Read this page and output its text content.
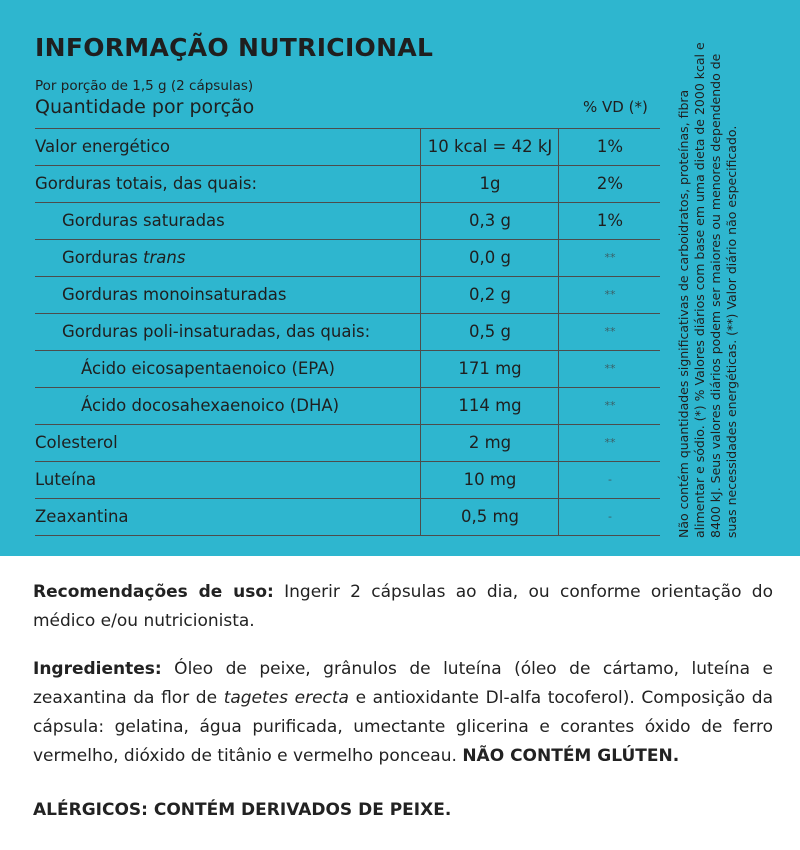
INFORMAÇÃO NUTRICIONAL
Por porção de 1,5 g (2 cápsulas)
Quantidade por porção	% VD (*)
Valor energético	10 kcal = 42 kJ	1%
Gorduras totais, das quais:	1g	2%
Gorduras saturadas	0,3 g	1%
Gorduras trans	0,0 g	**
Gorduras monoinsaturadas	0,2 g	**
Gorduras poli-insaturadas, das quais:	0,5 g	**
Ácido eicosapentaenoico (EPA)	171 mg	**
Ácido docosahexaenoico (DHA)	114 mg	**
Colesterol	2 mg	**
Luteína	10 mg	-
Zeaxantina	0,5 mg	-	Não contém quantidades significativas de carboidratos, proteínas, fibra alimentar e sódio. (*) % Valores diários com base em uma dieta de 2000 kcal e 8400 kJ. Seus valores diários podem ser maiores ou menores dependendo de suas necessidades energéticas. (**) Valor diário não especificado.

Recomendações de uso: Ingerir 2 cápsulas ao dia, ou conforme orientação do médico e/ou nutricionista.

Ingredientes: Óleo de peixe, grânulos de luteína (óleo de cártamo, luteína e zeaxantina da flor de tagetes erecta e antioxidante Dl-alfa tocoferol). Composição da cápsula: gelatina, água purificada, umectante glicerina e corantes óxido de ferro vermelho, dióxido de titânio e vermelho ponceau. NÃO CONTÉM GLÚTEN.

ALÉRGICOS: CONTÉM DERIVADOS DE PEIXE.
